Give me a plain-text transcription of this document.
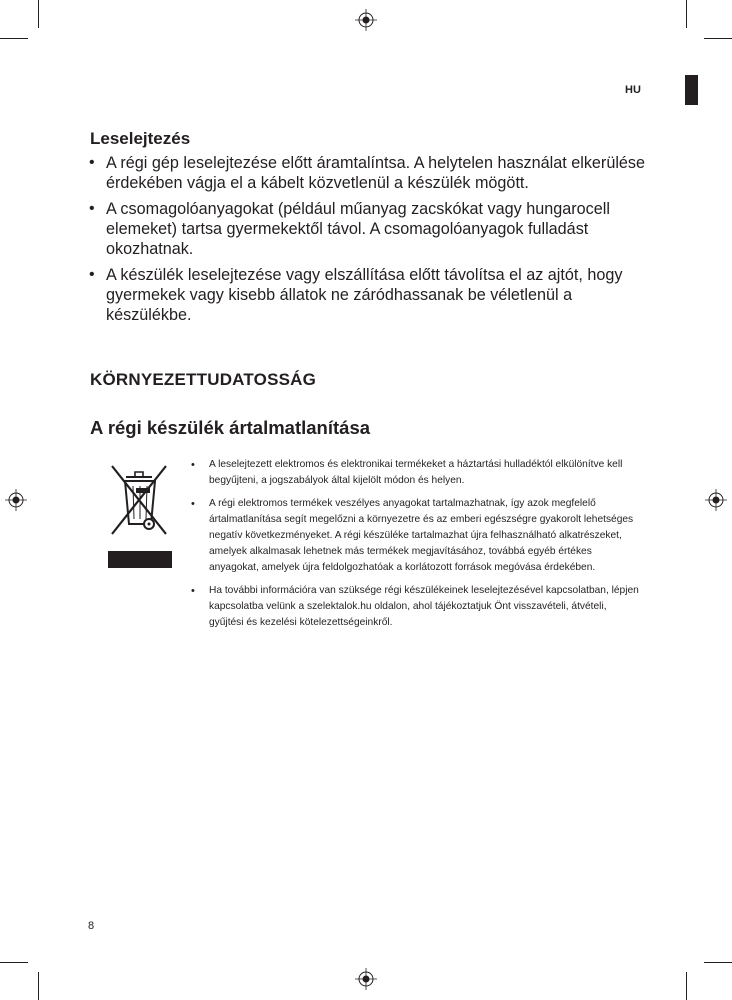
HU
Leselejtezés
• A régi gép leselejtezése előtt áramtalíntsa. A helytelen használat elkerülése érdekében vágja el a kábelt közvetlenül a készülék mögött.
• A csomagolóanyagokat (például műanyag zacskókat vagy hungarocell elemeket) tartsa gyermekektől távol. A csomagolóanyagok fulladást okozhatnak.
• A készülék leselejtezése vagy elszállítása előtt távolítsa el az ajtót, hogy gyermekek vagy kisebb állatok ne záródhassanak be véletlenül a készülékbe.
KÖRNYEZETTUDATOSSÁG
A régi készülék ártalmatlanítása
• A leselejtezett elektromos és elektronikai termékeket a háztartási hulladéktól elkülönítve kell begyűjteni, a jogszabályok által kijelölt módon és helyen.
• A régi elektromos termékek veszélyes anyagokat tartalmazhatnak, így azok megfelelő ártalmatlanítása segít megelőzni a környezetre és az emberi egészségre gyakorolt lehetséges negatív következményeket. A régi készüléke tartalmazhat újra felhasználható alkatrészeket, amelyek alkalmasak lehetnek más termékek megjavításához, továbbá egyéb értékes anyagokat, amelyek újra feldolgozhatóak a korlátozott források megóvása érdekében.
• Ha további információra van szüksége régi készülékeinek leselejtezésével kapcsolatban, lépjen kapcsolatba velünk a szelektalok.hu oldalon, ahol tájékoztatjuk Önt visszavételi, átvételi, gyűjtési és kezelési kötelezettségeinkről.
8
